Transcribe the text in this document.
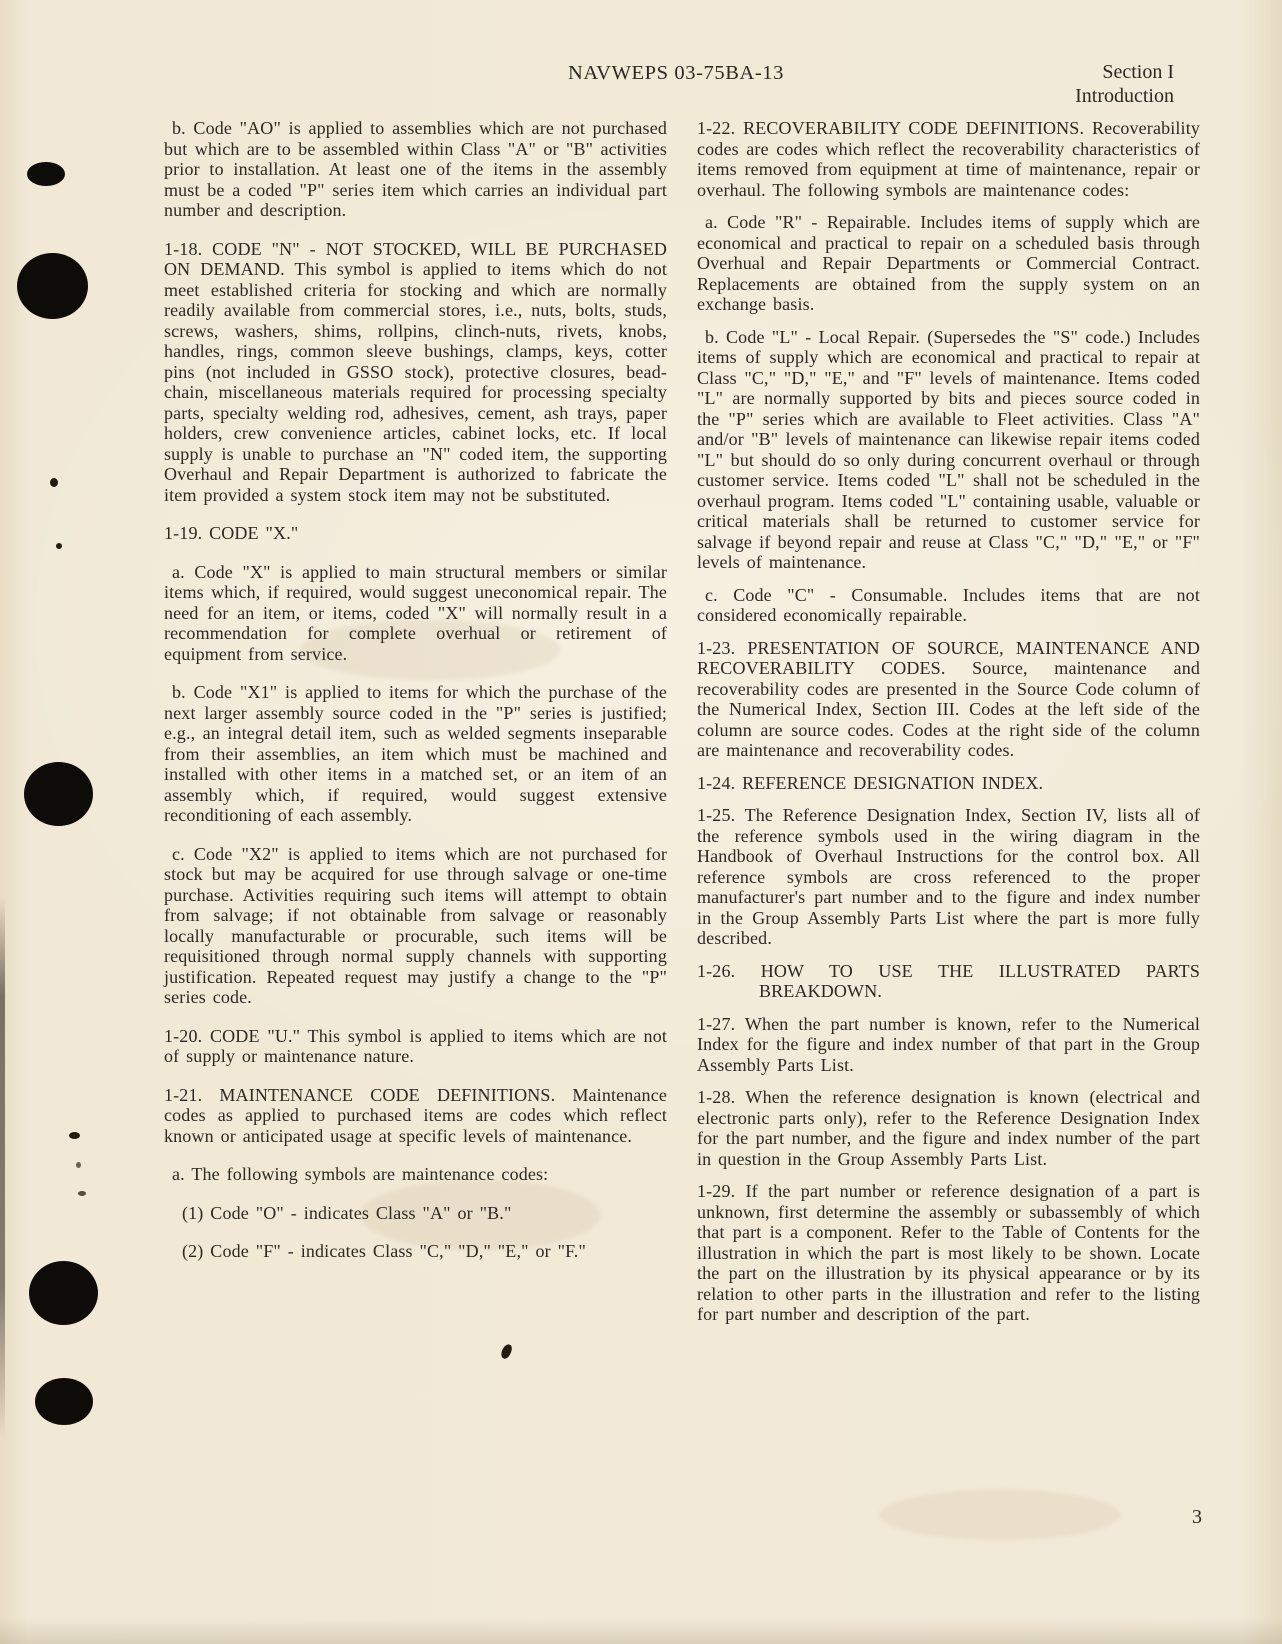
NAVWEPS 03-75BA-13	Section I
Introduction

b. Code "AO" is applied to assemblies which are not purchased but which are to be assembled within Class "A" or "B" activities prior to installation. At least one of the items in the assembly must be a coded "P" series item which carries an individual part number and description.

1-18. CODE "N" - NOT STOCKED, WILL BE PURCHASED ON DEMAND. This symbol is applied to items which do not meet established criteria for stocking and which are normally readily available from commercial stores, i.e., nuts, bolts, studs, screws, washers, shims, rollpins, clinch-nuts, rivets, knobs, handles, rings, common sleeve bushings, clamps, keys, cotter pins (not included in GSSO stock), protective closures, bead-chain, miscellaneous materials required for processing specialty parts, specialty welding rod, adhesives, cement, ash trays, paper holders, crew convenience articles, cabinet locks, etc. If local supply is unable to purchase an "N" coded item, the supporting Overhaul and Repair Department is authorized to fabricate the item provided a system stock item may not be substituted.

1-19. CODE "X."

a. Code "X" is applied to main structural members or similar items which, if required, would suggest uneconomical repair. The need for an item, or items, coded "X" will normally result in a recommendation for complete overhual or retirement of equipment from service.

b. Code "X1" is applied to items for which the purchase of the next larger assembly source coded in the "P" series is justified; e.g., an integral detail item, such as welded segments inseparable from their assemblies, an item which must be machined and installed with other items in a matched set, or an item of an assembly which, if required, would suggest extensive reconditioning of each assembly.

c. Code "X2" is applied to items which are not purchased for stock but may be acquired for use through salvage or one-time purchase. Activities requiring such items will attempt to obtain from salvage; if not obtainable from salvage or reasonably locally manufacturable or procurable, such items will be requisitioned through normal supply channels with supporting justification. Repeated request may justify a change to the "P" series code.

1-20. CODE "U." This symbol is applied to items which are not of supply or maintenance nature.

1-21. MAINTENANCE CODE DEFINITIONS. Maintenance codes as applied to purchased items are codes which reflect known or anticipated usage at specific levels of maintenance.

a. The following symbols are maintenance codes:

(1) Code "O" - indicates Class "A" or "B."

(2) Code "F" - indicates Class "C," "D," "E," or "F."

1-22. RECOVERABILITY CODE DEFINITIONS. Recoverability codes are codes which reflect the recoverability characteristics of items removed from equipment at time of maintenance, repair or overhaul. The following symbols are maintenance codes:

a. Code "R" - Repairable. Includes items of supply which are economical and practical to repair on a scheduled basis through Overhual and Repair Departments or Commercial Contract. Replacements are obtained from the supply system on an exchange basis.

b. Code "L" - Local Repair. (Supersedes the "S" code.) Includes items of supply which are economical and practical to repair at Class "C," "D," "E," and "F" levels of maintenance. Items coded "L" are normally supported by bits and pieces source coded in the "P" series which are available to Fleet activities. Class "A" and/or "B" levels of maintenance can likewise repair items coded "L" but should do so only during concurrent overhaul or through customer service. Items coded "L" shall not be scheduled in the overhaul program. Items coded "L" containing usable, valuable or critical materials shall be returned to customer service for salvage if beyond repair and reuse at Class "C," "D," "E," or "F" levels of maintenance.

c. Code "C" - Consumable. Includes items that are not considered economically repairable.

1-23. PRESENTATION OF SOURCE, MAINTENANCE AND RECOVERABILITY CODES. Source, maintenance and recoverability codes are presented in the Source Code column of the Numerical Index, Section III. Codes at the left side of the column are source codes. Codes at the right side of the column are maintenance and recoverability codes.

1-24. REFERENCE DESIGNATION INDEX.

1-25. The Reference Designation Index, Section IV, lists all of the reference symbols used in the wiring diagram in the Handbook of Overhaul Instructions for the control box. All reference symbols are cross referenced to the proper manufacturer's part number and to the figure and index number in the Group Assembly Parts List where the part is more fully described.

1-26. HOW TO USE THE ILLUSTRATED PARTS BREAKDOWN.

1-27. When the part number is known, refer to the Numerical Index for the figure and index number of that part in the Group Assembly Parts List.

1-28. When the reference designation is known (electrical and electronic parts only), refer to the Reference Designation Index for the part number, and the figure and index number of the part in question in the Group Assembly Parts List.

1-29. If the part number or reference designation of a part is unknown, first determine the assembly or subassembly of which that part is a component. Refer to the Table of Contents for the illustration in which the part is most likely to be shown. Locate the part on the illustration by its physical appearance or by its relation to other parts in the illustration and refer to the listing for part number and description of the part.

3
